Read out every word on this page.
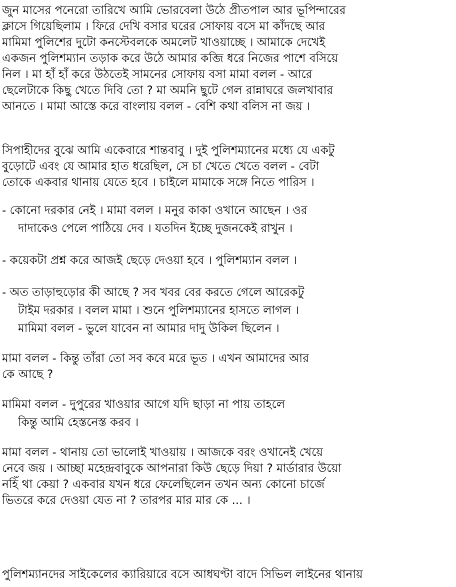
জুন মাসের পনেরো তারিখে আমি ভোরবেলা উঠে প্রীতপাল আর ভূপিন্দারের
ক্লাসে গিয়েছিলাম । ফিরে দেখি বসার ঘরের সোফায় বসে মা কাঁদছে আর
মামিমা পুলিশের দুটো কনস্টেবলকে অমলেট খাওয়াচ্ছে । আমাকে দেখেই
একজন পুলিশম্যান তড়াক করে উঠে আমার কব্জি ধরে নিজের পাশে বসিয়ে
নিল । মা হাঁ হাঁ করে উঠতেই সামনের সোফায় বসা মামা বলল - আরে
ছেলেটাকে কিছু খেতে দিবি তো ? মা অমনি ছুটে গেল রান্নাঘরে জলখাবার
আনতে । মামা আস্তে করে বাংলায় বলল - বেশি কথা বলিস না জয় ।
সিপাহীদের বুঝে আমি একেবারে শান্তবাবু । দুই পুলিশম্যানের মধ্যে যে একটু
বুড়োটে এবং যে আমার হাত ধরেছিল, সে চা খেতে খেতে বলল - বেটা
তোকে একবার থানায় যেতে হবে । চাইলে মামাকে সঙ্গে নিতে পারিস ।
- কোনো দরকার নেই । মামা বলল । মনুর কাকা ওখানে আছেন । ওর
দাদাকেও পেলে পাঠিয়ে দেব । যতদিন ইচ্ছে দুজনকেই রাখুন ।
- কয়েকটা প্রশ্ন করে আজই ছেড়ে দেওয়া হবে । পুলিশম্যান বলল ।
- অত তাড়াহুড়োর কী আছে ? সব খবর বের করতে গেলে আরেকটু
টাইম দরকার । বলল মামা । শুনে পুলিশম্যানের হাসতে লাগল ।
মামিমা বলল - ভুলে যাবেন না আমার দাদু উকিল ছিলেন ।
মামা বলল - কিন্তু তাঁরা তো সব কবে মরে ভূত । এখন আমাদের আর
কে আছে ?
মামিমা বলল - দুপুরের খাওয়ার আগে যদি ছাড়া না পায় তাহলে
কিন্তু আমি হেস্তনেস্ত করব ।
মামা বলল - থানায় তো ভালোই খাওয়ায় । আজকে বরং ওখানেই খেয়ে
নেবে জয় । আচ্ছা মহেন্দ্রবাবুকে আপনারা কিউ ছেড়ে দিয়া ? মার্ডারার উয়ো
নহিঁ থা কেয়া ? একবার যখন ধরে ফেলেছিলেন তখন অন্য কোনো চার্জে
ভিতরে করে দেওয়া যেত না ? তারপর মার মার কে ... ।
পুলিশম্যানদের সাইকেলের ক্যারিয়ারে বসে আধঘণ্টা বাদে সিভিল লাইনের থানায়
